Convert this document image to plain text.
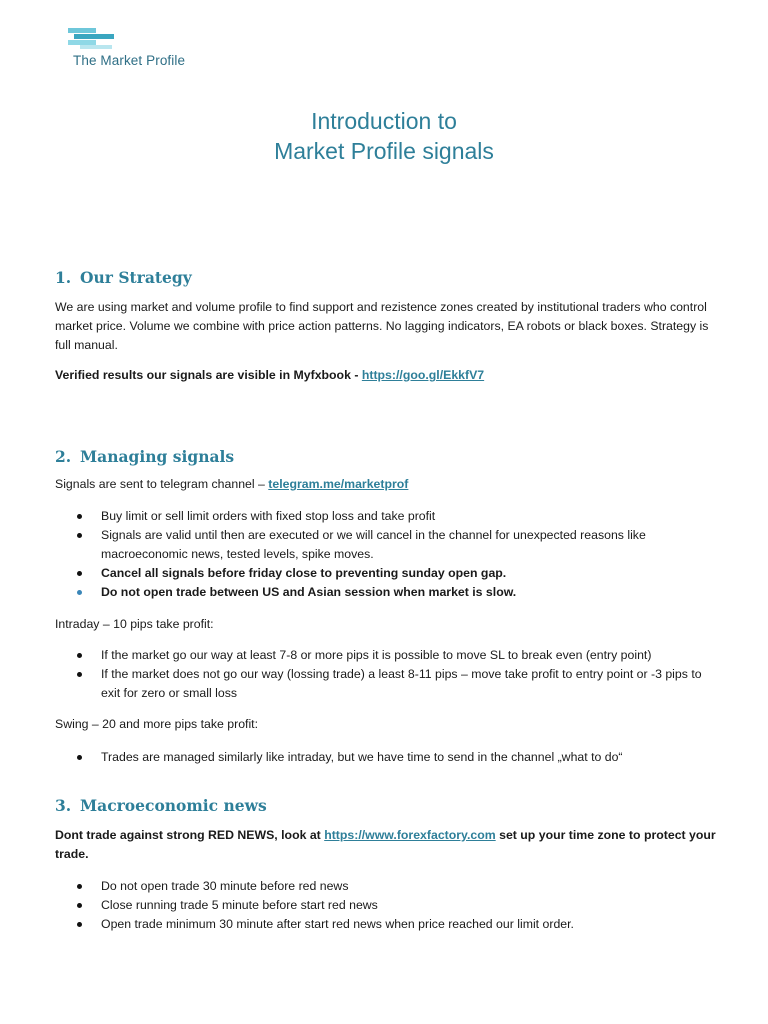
The Market Profile
Introduction to
Market Profile signals
1. Our Strategy
We are using market and volume profile to find support and rezistence zones created by institutional traders who control market price. Volume we combine with price action patterns. No lagging indicators, EA robots or black boxes. Strategy is full manual.
Verified results our signals are visible in Myfxbook - https://goo.gl/EkkfV7
2. Managing signals
Signals are sent to telegram channel – telegram.me/marketprof
Buy limit or sell limit orders with fixed stop loss and take profit
Signals are valid until then are executed or we will cancel in the channel for unexpected reasons like macroeconomic news, tested levels, spike moves.
Cancel all signals before friday close to preventing sunday open gap.
Do not open trade between US and Asian session when market is slow.
Intraday – 10 pips take profit:
If the market go our way at least 7-8 or more pips it is possible to move SL to break even (entry point)
If the market does not go our way (lossing trade) a least 8-11 pips – move take profit to entry point or -3 pips to exit for zero or small loss
Swing – 20 and more pips take profit:
Trades are managed similarly like intraday, but we have time to send in the channel „what to do“
3. Macroeconomic news
Dont trade against strong RED NEWS, look at https://www.forexfactory.com set up your time zone to protect your trade.
Do not open trade 30 minute before red news
Close running trade 5 minute before start red news
Open trade minimum 30 minute after start red news when price reached our limit order.
